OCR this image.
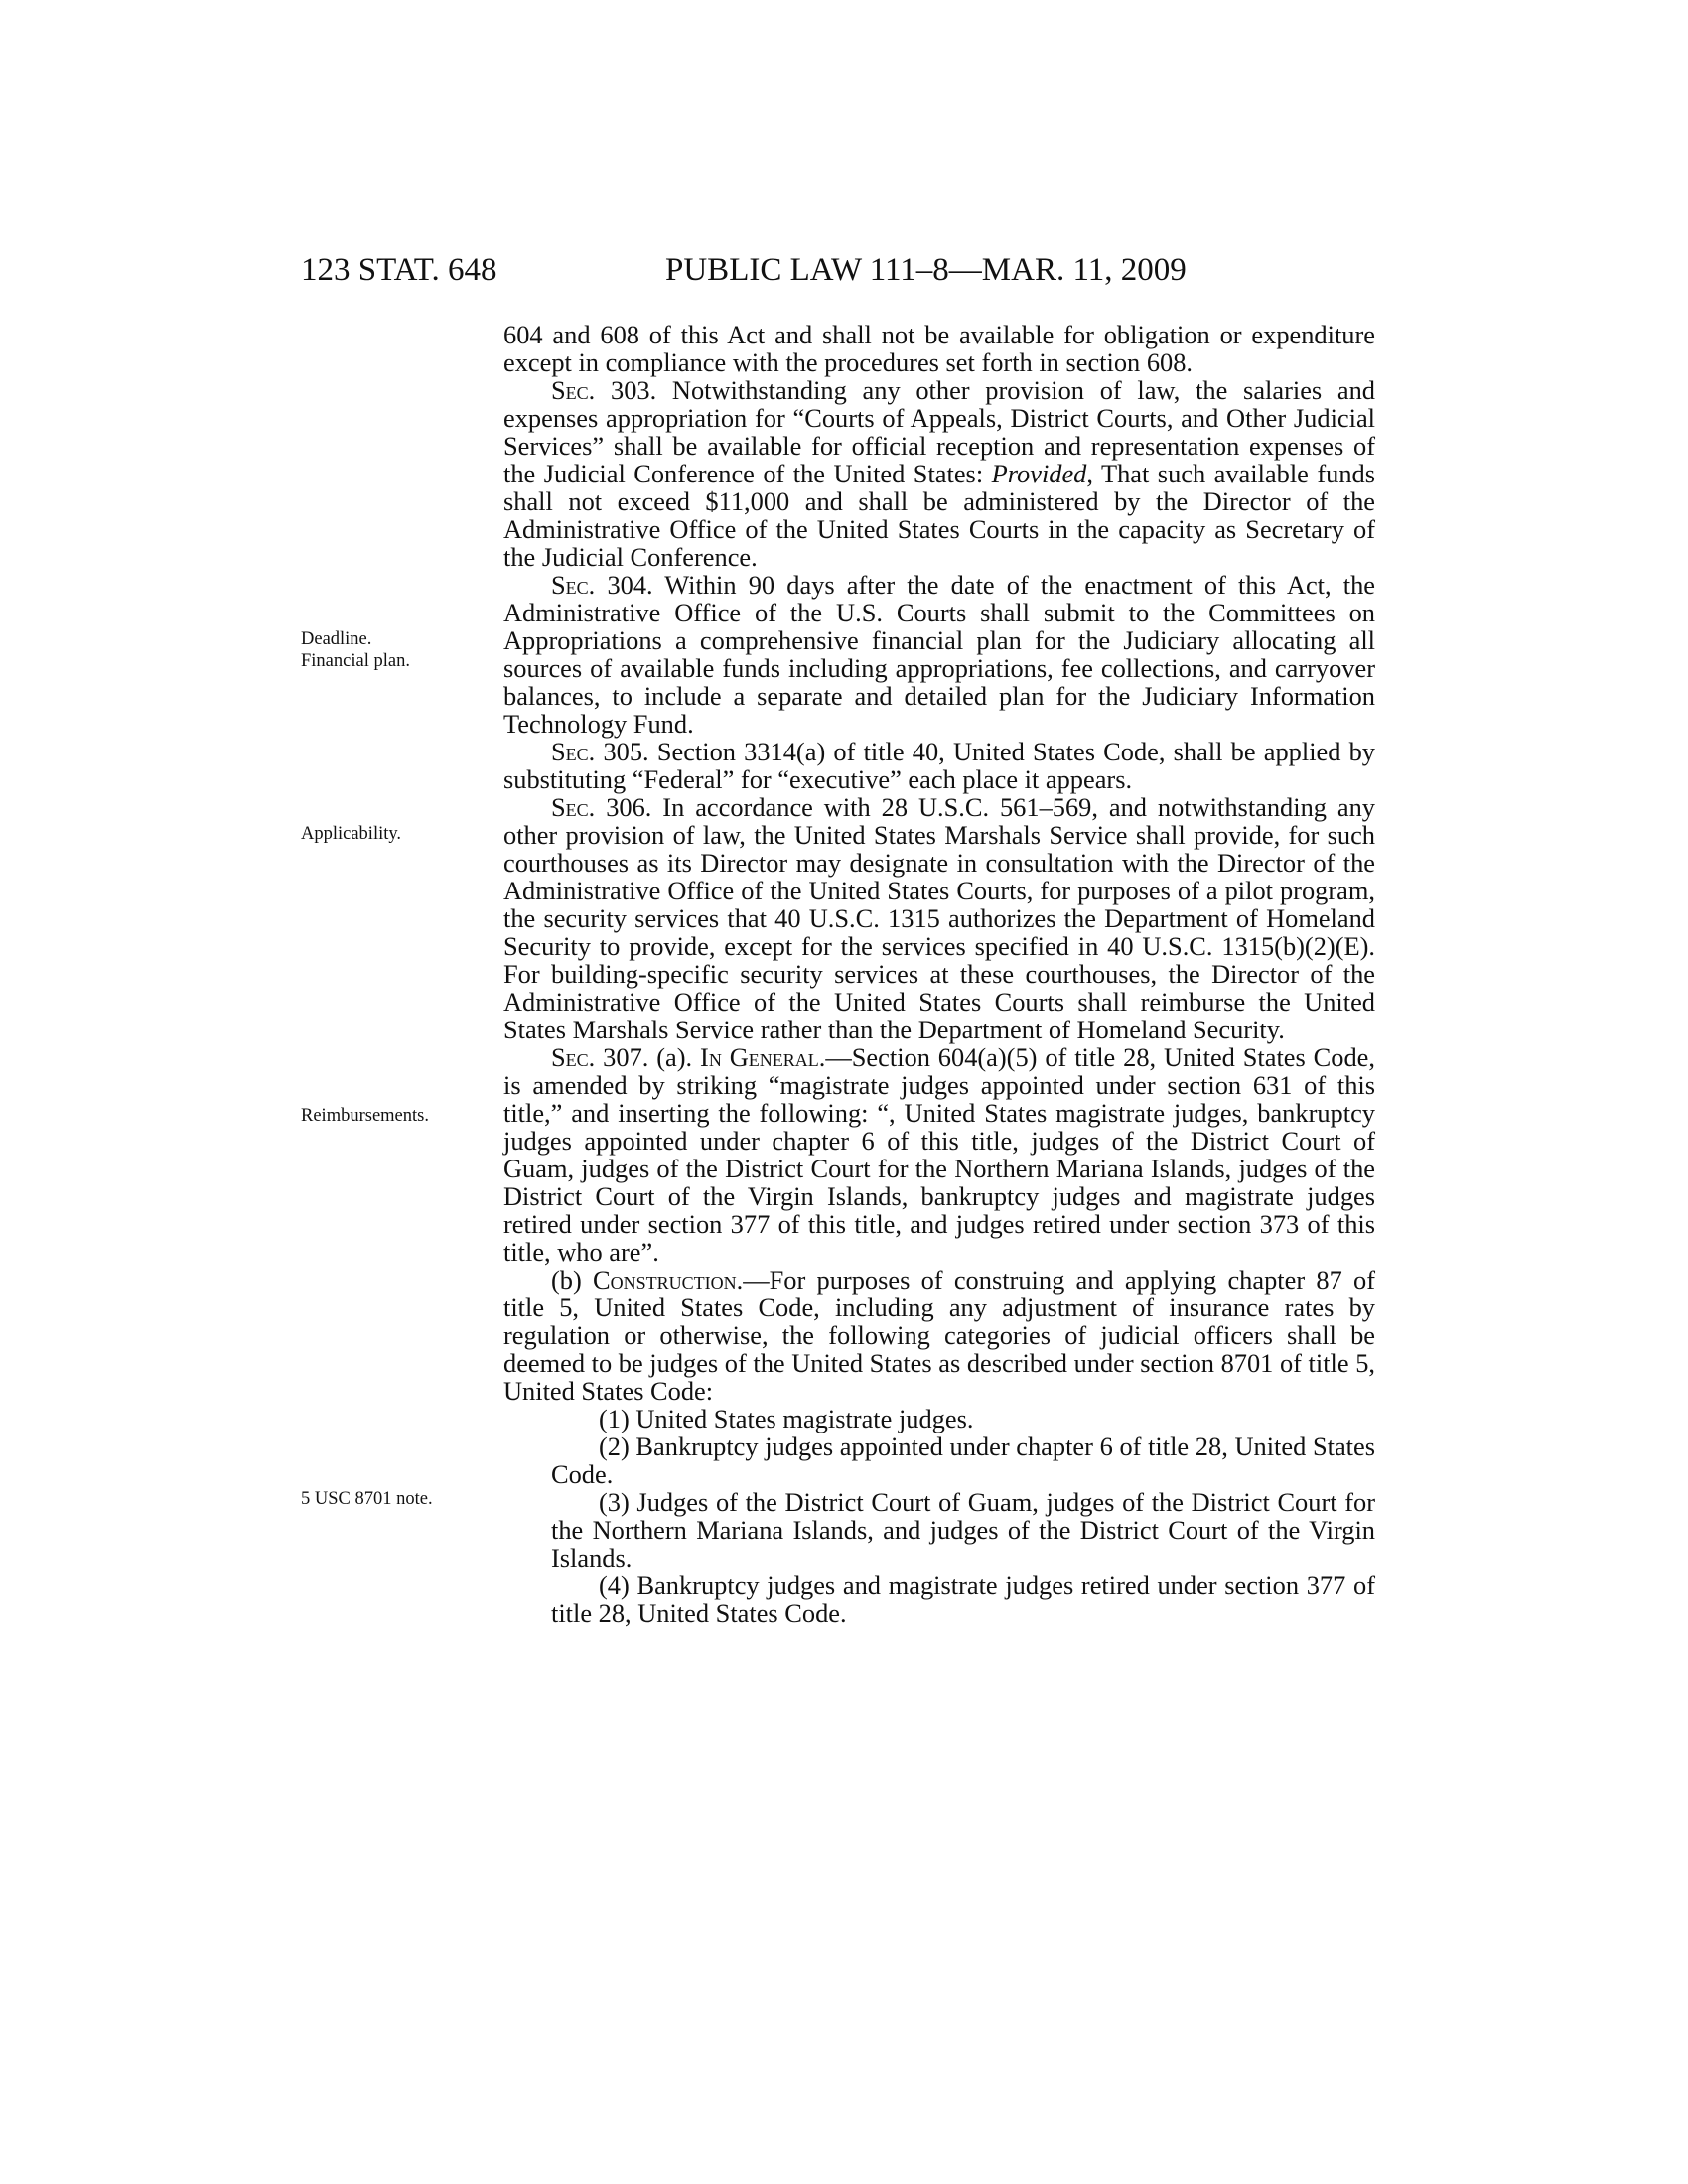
123 STAT. 648	PUBLIC LAW 111–8—MAR. 11, 2009
Deadline.
Financial plan.
Applicability.
Reimbursements.
5 USC 8701 note.

604 and 608 of this Act and shall not be available for obligation or expenditure except in compliance with the procedures set forth in section 608.

Sec. 303. Notwithstanding any other provision of law, the salaries and expenses appropriation for “Courts of Appeals, District Courts, and Other Judicial Services” shall be available for official reception and representation expenses of the Judicial Conference of the United States: Provided, That such available funds shall not exceed $11,000 and shall be administered by the Director of the Administrative Office of the United States Courts in the capacity as Secretary of the Judicial Conference.

Sec. 304. Within 90 days after the date of the enactment of this Act, the Administrative Office of the U.S. Courts shall submit to the Committees on Appropriations a comprehensive financial plan for the Judiciary allocating all sources of available funds including appropriations, fee collections, and carryover balances, to include a separate and detailed plan for the Judiciary Information Technology Fund.

Sec. 305. Section 3314(a) of title 40, United States Code, shall be applied by substituting “Federal” for “executive” each place it appears.

Sec. 306. In accordance with 28 U.S.C. 561–569, and notwithstanding any other provision of law, the United States Marshals Service shall provide, for such courthouses as its Director may designate in consultation with the Director of the Administrative Office of the United States Courts, for purposes of a pilot program, the security services that 40 U.S.C. 1315 authorizes the Department of Homeland Security to provide, except for the services specified in 40 U.S.C. 1315(b)(2)(E). For building-specific security services at these courthouses, the Director of the Administrative Office of the United States Courts shall reimburse the United States Marshals Service rather than the Department of Homeland Security.

Sec. 307. (a). In General.—Section 604(a)(5) of title 28, United States Code, is amended by striking “magistrate judges appointed under section 631 of this title,” and inserting the following: “, United States magistrate judges, bankruptcy judges appointed under chapter 6 of this title, judges of the District Court of Guam, judges of the District Court for the Northern Mariana Islands, judges of the District Court of the Virgin Islands, bankruptcy judges and magistrate judges retired under section 377 of this title, and judges retired under section 373 of this title, who are”.

(b) Construction.—For purposes of construing and applying chapter 87 of title 5, United States Code, including any adjustment of insurance rates by regulation or otherwise, the following categories of judicial officers shall be deemed to be judges of the United States as described under section 8701 of title 5, United States Code:

(1) United States magistrate judges.

(2) Bankruptcy judges appointed under chapter 6 of title 28, United States Code.

(3) Judges of the District Court of Guam, judges of the District Court for the Northern Mariana Islands, and judges of the District Court of the Virgin Islands.

(4) Bankruptcy judges and magistrate judges retired under section 377 of title 28, United States Code.
